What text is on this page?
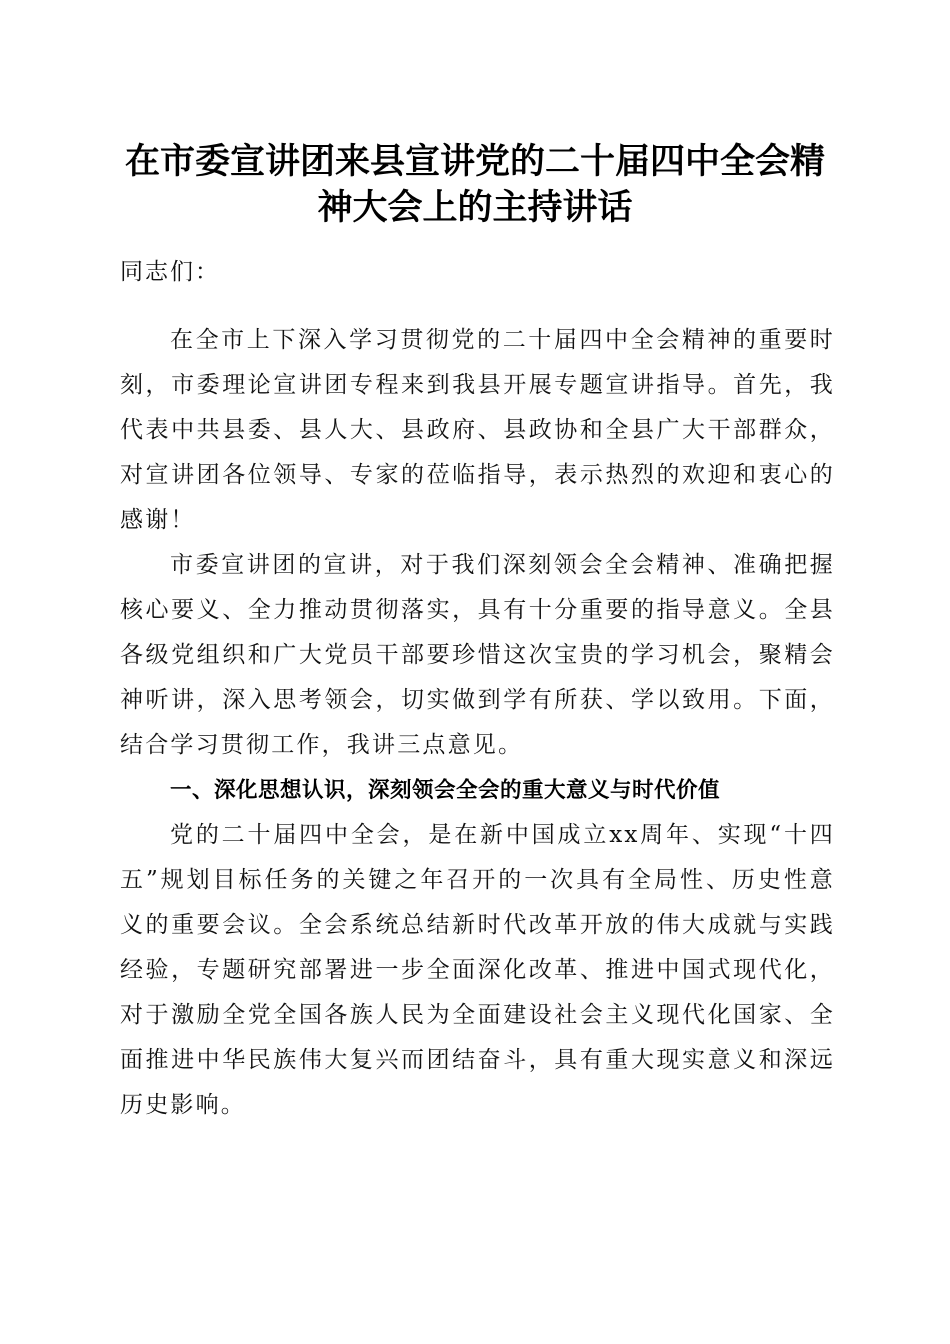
在市委宣讲团来县宣讲党的二十届四中全会精
神大会上的主持讲话

同志们：

在全市上下深入学习贯彻党的二十届四中全会精神的重要时刻，市委理论宣讲团专程来到我县开展专题宣讲指导。首先，我代表中共县委、县人大、县政府、县政协和全县广大干部群众，对宣讲团各位领导、专家的莅临指导，表示热烈的欢迎和衷心的感谢！

市委宣讲团的宣讲，对于我们深刻领会全会精神、准确把握核心要义、全力推动贯彻落实，具有十分重要的指导意义。全县各级党组织和广大党员干部要珍惜这次宝贵的学习机会，聚精会神听讲，深入思考领会，切实做到学有所获、学以致用。下面，结合学习贯彻工作，我讲三点意见。

一、深化思想认识，深刻领会全会的重大意义与时代价值

党的二十届四中全会，是在新中国成立xx周年、实现“十四五”规划目标任务的关键之年召开的一次具有全局性、历史性意义的重要会议。全会系统总结新时代改革开放的伟大成就与实践经验，专题研究部署进一步全面深化改革、推进中国式现代化，对于激励全党全国各族人民为全面建设社会主义现代化国家、全面推进中华民族伟大复兴而团结奋斗，具有重大现实意义和深远历史影响。
